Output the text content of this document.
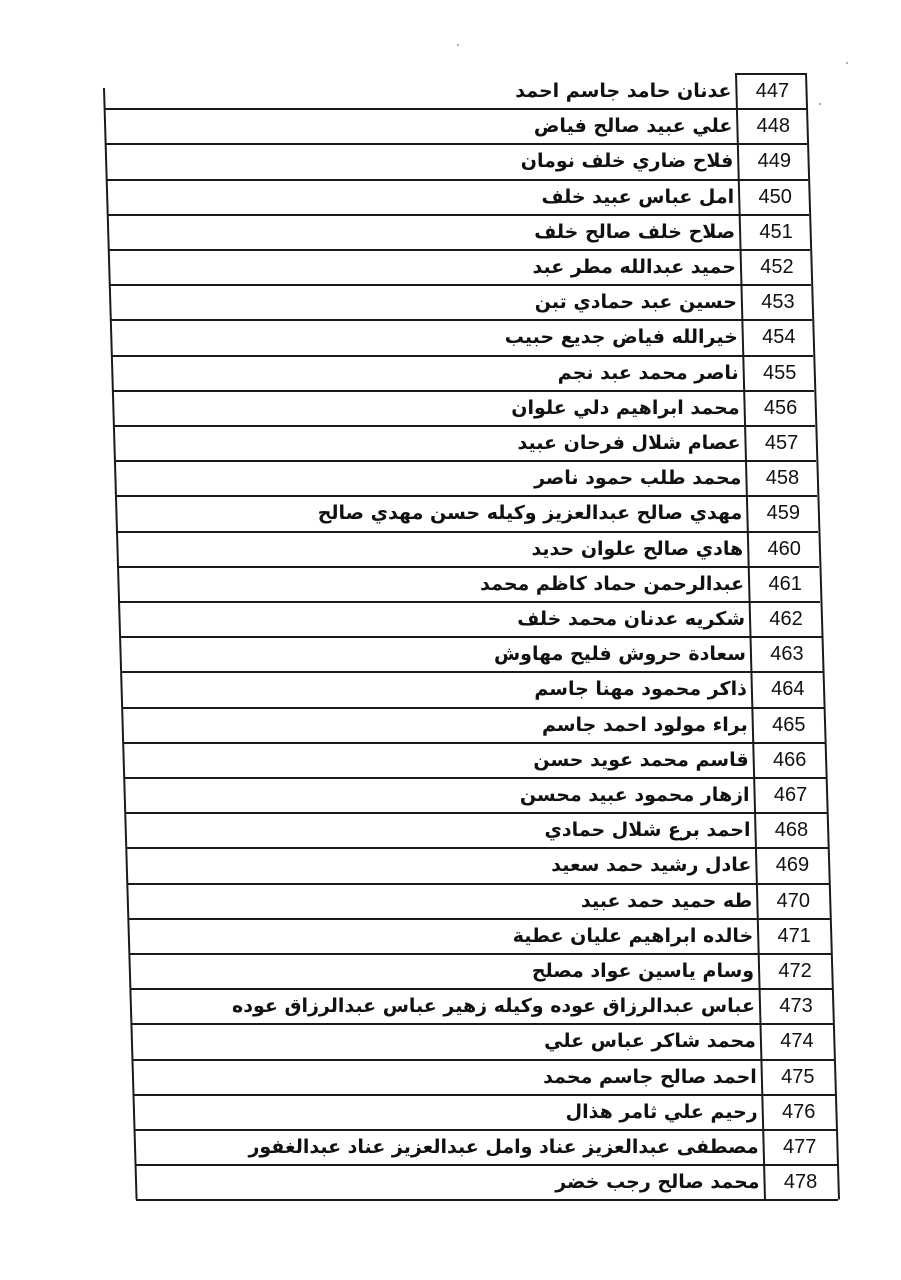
447
عدنان حامد جاسم احمد
448
علي عبيد صالح فياض
449
فلاح ضاري خلف نومان
450
امل عباس عبيد خلف
451
صلاح خلف صالح خلف
452
حميد عبدالله مطر عبد
453
حسين عبد حمادي تبن
454
خيرالله فياض جديع حبيب
455
ناصر محمد عبد نجم
456
محمد ابراهيم دلي علوان
457
عصام شلال فرحان عبيد
458
محمد طلب حمود ناصر
459
مهدي صالح عبدالعزيز وكيله حسن مهدي صالح
460
هادي صالح علوان حديد
461
عبدالرحمن حماد كاظم محمد
462
شكريه عدنان محمد خلف
463
سعادة حروش فليح مهاوش
464
ذاكر محمود مهنا جاسم
465
براء مولود احمد جاسم
466
قاسم محمد عويد حسن
467
ازهار محمود عبيد محسن
468
احمد برع شلال حمادي
469
عادل رشيد حمد سعيد
470
طه حميد حمد عبيد
471
خالده ابراهيم عليان عطية
472
وسام ياسين عواد مصلح
473
عباس عبدالرزاق عوده وكيله زهير عباس عبدالرزاق عوده
474
محمد شاكر عباس علي
475
احمد صالح جاسم محمد
476
رحيم علي ثامر هذال
477
مصطفى عبدالعزيز عناد وامل عبدالعزيز عناد عبدالغفور
478
محمد صالح رجب خضر
